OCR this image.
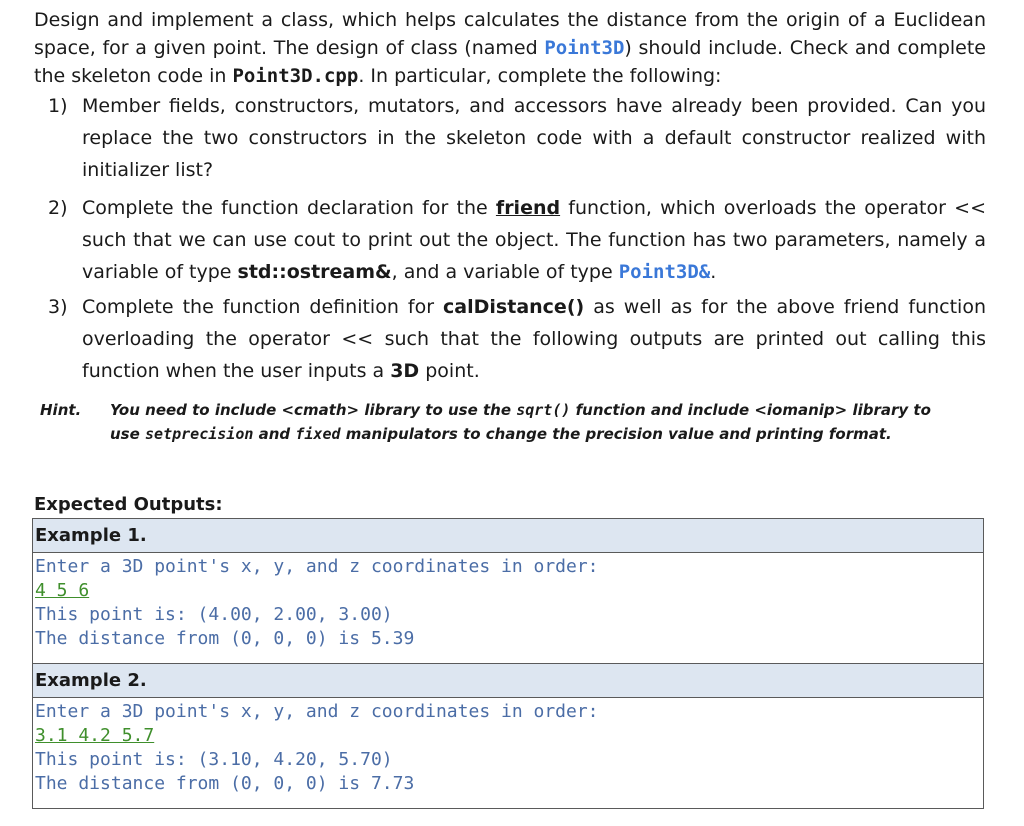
Design and implement a class, which helps calculates the distance from the origin of a Euclidean space, for a given point. The design of class (named Point3D) should include. Check and complete the skeleton code in Point3D.cpp. In particular, complete the following:

1) Member fields, constructors, mutators, and accessors have already been provided. Can you replace the two constructors in the skeleton code with a default constructor realized with initializer list?
2) Complete the function declaration for the friend function, which overloads the operator << such that we can use cout to print out the object. The function has two parameters, namely a variable of type std::ostream&, and a variable of type Point3D&.
3) Complete the function definition for calDistance() as well as for the above friend function overloading the operator << such that the following outputs are printed out calling this function when the user inputs a 3D point.
Hint. You need to include <cmath> library to use the sqrt() function and include <iomanip> library to use setprecision and fixed manipulators to change the precision value and printing format.
Expected Outputs:
Example 1.
Enter a 3D point's x, y, and z coordinates in order:
4 5 6
This point is: (4.00, 2.00, 3.00)
The distance from (0, 0, 0) is 5.39
Example 2.
Enter a 3D point's x, y, and z coordinates in order:
3.1 4.2 5.7
This point is: (3.10, 4.20, 5.70)
The distance from (0, 0, 0) is 7.73
